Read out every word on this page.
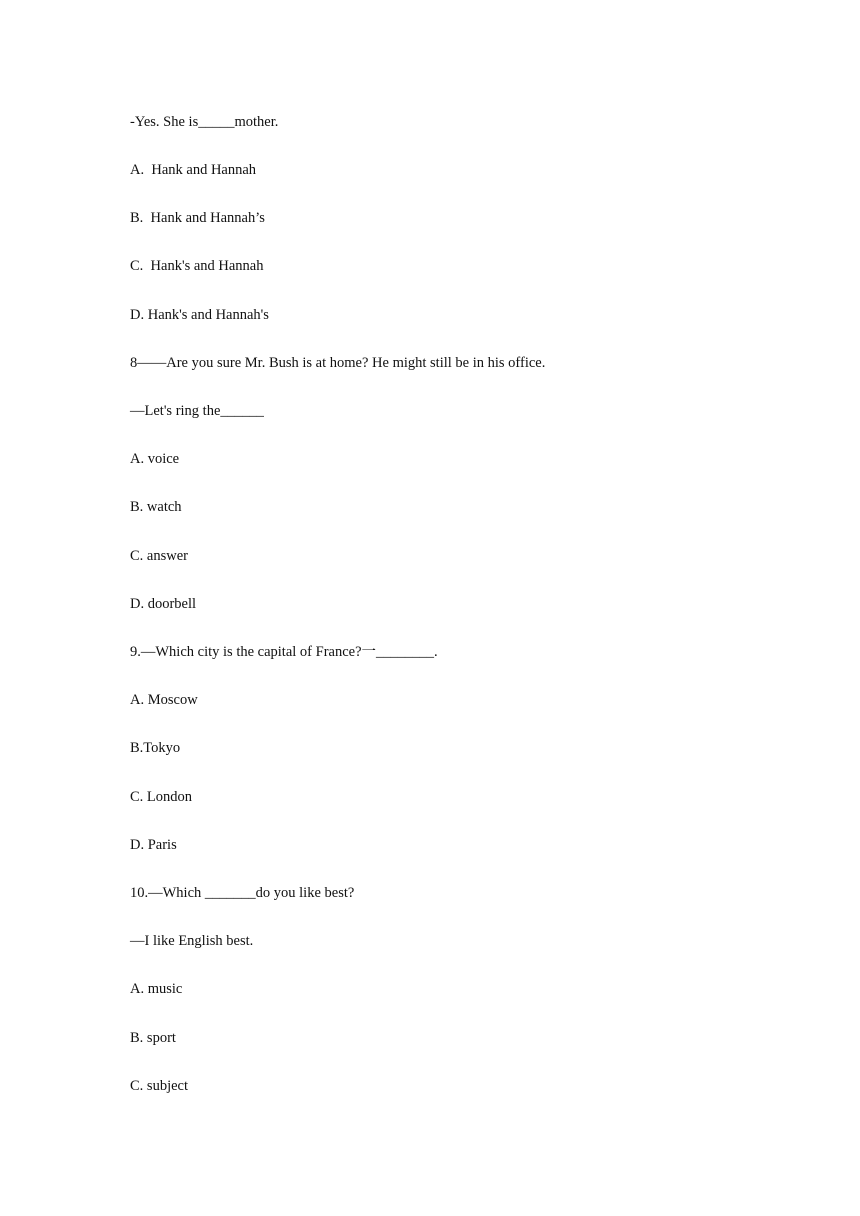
-Yes. She is_____mother.
A.  Hank and Hannah
B.  Hank and Hannah’s
C.  Hank's and Hannah
D. Hank's and Hannah's
8——Are you sure Mr. Bush is at home? He might still be in his office.
—Let's ring the______
A. voice
B. watch
C. answer
D. doorbell
9.—Which city is the capital of France?一________.
A. Moscow
B.Tokyo
C. London
D. Paris
10.—Which _______do you like best?
—I like English best.
A. music
B. sport
C. subject
